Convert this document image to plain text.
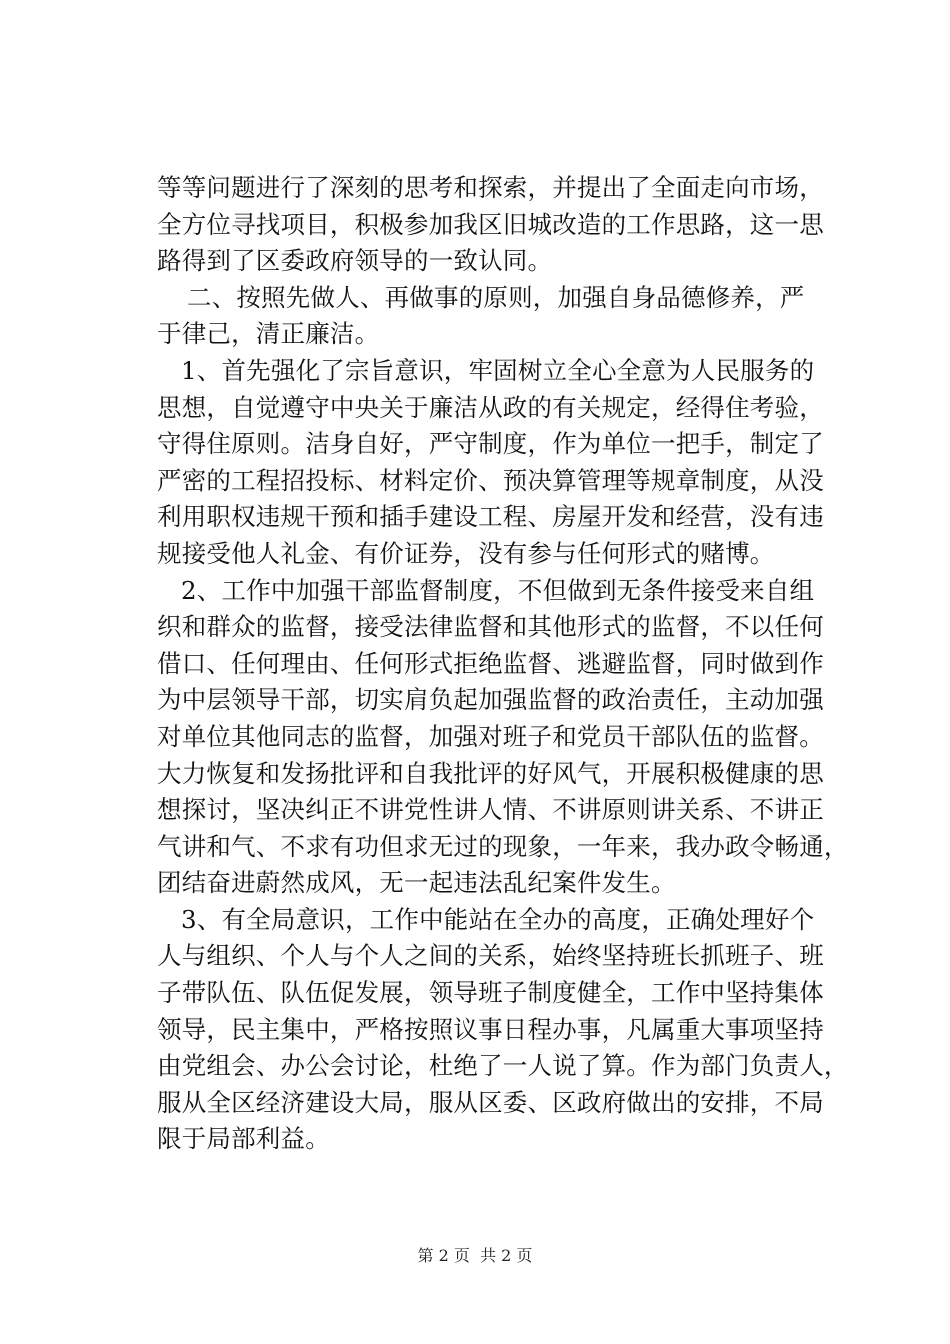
等等问题进行了深刻的思考和探索，并提出了全面走向市场，
全方位寻找项目，积极参加我区旧城改造的工作思路，这一思
路得到了区委政府领导的一致认同。
二、按照先做人、再做事的原则，加强自身品德修养，严
于律己，清正廉洁。
1、首先强化了宗旨意识，牢固树立全心全意为人民服务的
思想，自觉遵守中央关于廉洁从政的有关规定，经得住考验，
守得住原则。洁身自好，严守制度，作为单位一把手，制定了
严密的工程招投标、材料定价、预决算管理等规章制度，从没
利用职权违规干预和插手建设工程、房屋开发和经营，没有违
规接受他人礼金、有价证券，没有参与任何形式的赌博。
2、工作中加强干部监督制度，不但做到无条件接受来自组
织和群众的监督，接受法律监督和其他形式的监督，不以任何
借口、任何理由、任何形式拒绝监督、逃避监督，同时做到作
为中层领导干部，切实肩负起加强监督的政治责任，主动加强
对单位其他同志的监督，加强对班子和党员干部队伍的监督。
大力恢复和发扬批评和自我批评的好风气，开展积极健康的思
想探讨，坚决纠正不讲党性讲人情、不讲原则讲关系、不讲正
气讲和气、不求有功但求无过的现象，一年来，我办政令畅通，
团结奋进蔚然成风，无一起违法乱纪案件发生。
3、有全局意识，工作中能站在全办的高度，正确处理好个
人与组织、个人与个人之间的关系，始终坚持班长抓班子、班
子带队伍、队伍促发展，领导班子制度健全，工作中坚持集体
领导，民主集中，严格按照议事日程办事，凡属重大事项坚持
由党组会、办公会讨论，杜绝了一人说了算。作为部门负责人，
服从全区经济建设大局，服从区委、区政府做出的安排，不局
限于局部利益。
第 2 页  共 2 页
